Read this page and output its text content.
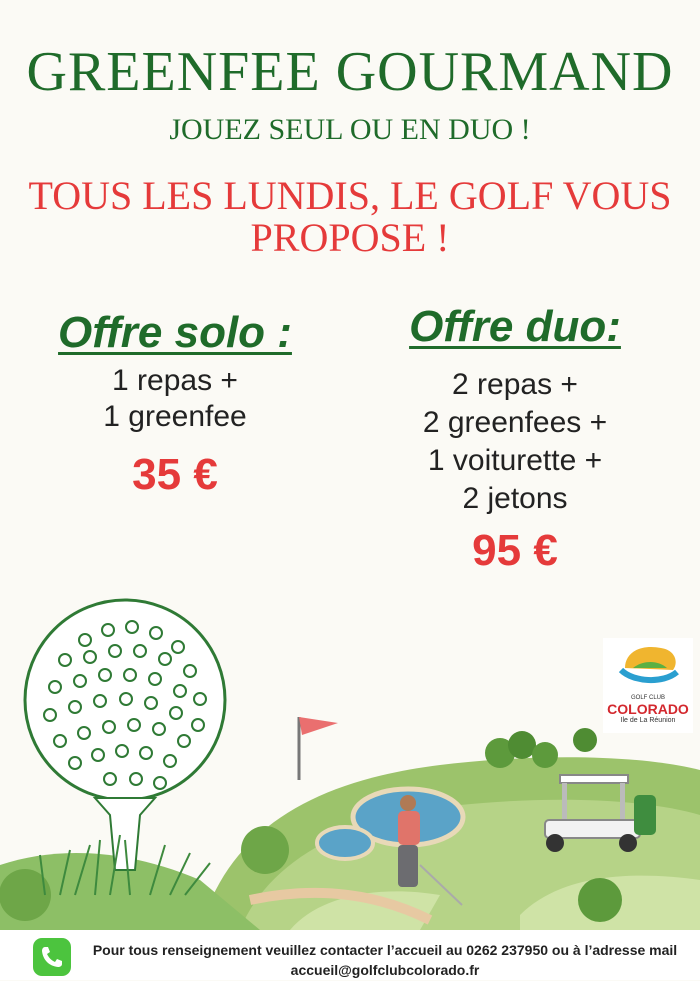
GREENFEE GOURMAND
JOUEZ SEUL OU EN DUO !
TOUS LES LUNDIS, LE GOLF VOUS
PROPOSE !
Offre solo :
1 repas +
1 greenfee
35 €
Offre duo:
2 repas +
2 greenfees +
1 voiturette +
2 jetons
95 €
GOLF CLUB
COLORADO
Ile de La Réunion
Pour tous renseignement veuillez contacter l’accueil au 0262 237950 ou à l’adresse mail
accueil@golfclubcolorado.fr
